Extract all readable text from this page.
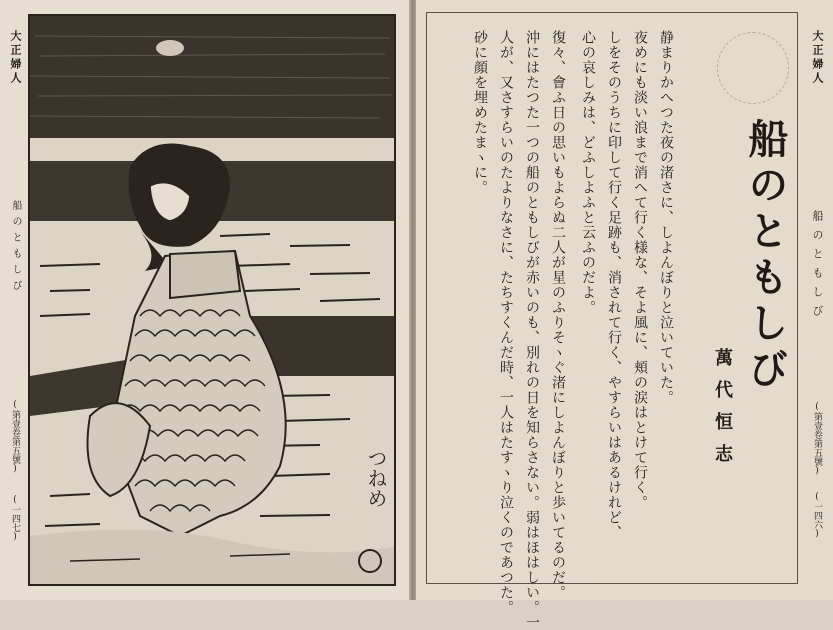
大正婦人
船のともしび
(第壹卷第五號)
(一四七)
つねめ
船のともしび
萬代恒志
静まりかへつた夜の渚さに、しよんぼりと泣いていた。
夜めにも淡い浪まで消へて行く様な、そよ風に、頬の涙はとけて行く。
しをそのうちに印して行く足跡も、消されて行く、やすらいはあるけれど、
心の哀しみは、どふしよふと云ふのだよ。
復々、會ふ日の思いもよらぬ二人が星のふりそヽぐ渚にしよんぼりと歩いてるのだ。
沖にはたつた一つの船のともしびが赤いのも、別れの日を知らさない。弱はほはしい。一
人が、又さすらいのたよりなさに、たちすくんだ時、一人はたすヽり泣くのであつた。
砂に顔を埋めたまヽに。	大正婦人
船のともしび
(第壹卷第五號)
(一四六)
